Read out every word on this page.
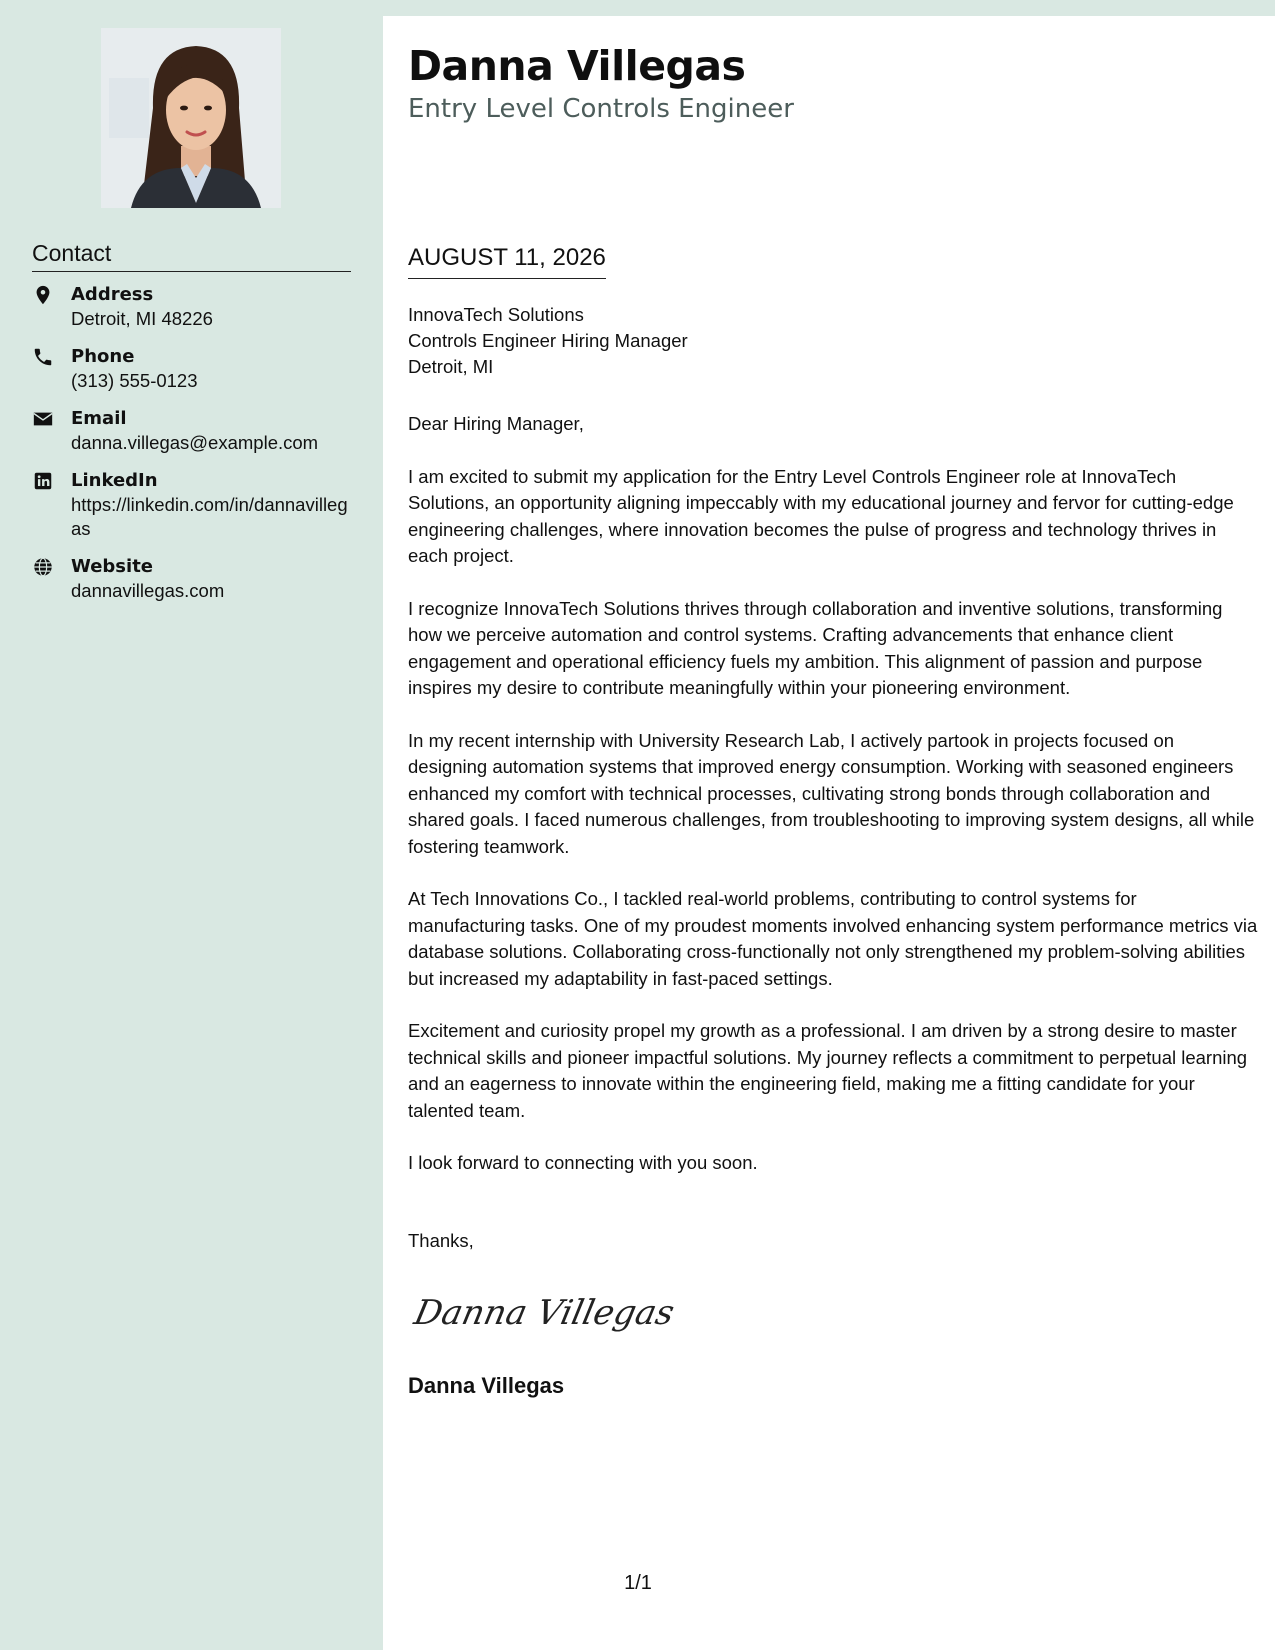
Contact
Address
Detroit, MI 48226
Phone
(313) 555-0123
Email
danna.villegas@example.com
LinkedIn
https://linkedin.com/in/dannavillegas
Website
dannavillegas.com
Danna Villegas
Entry Level Controls Engineer
AUGUST 11, 2026
InnovaTech Solutions
Controls Engineer Hiring Manager
Detroit, MI

Dear Hiring Manager,

I am excited to submit my application for the Entry Level Controls Engineer role at InnovaTech Solutions, an opportunity aligning impeccably with my educational journey and fervor for cutting-edge engineering challenges, where innovation becomes the pulse of progress and technology thrives in each project.

I recognize InnovaTech Solutions thrives through collaboration and inventive solutions, transforming how we perceive automation and control systems. Crafting advancements that enhance client engagement and operational efficiency fuels my ambition. This alignment of passion and purpose inspires my desire to contribute meaningfully within your pioneering environment.

In my recent internship with University Research Lab, I actively partook in projects focused on designing automation systems that improved energy consumption. Working with seasoned engineers enhanced my comfort with technical processes, cultivating strong bonds through collaboration and shared goals. I faced numerous challenges, from troubleshooting to improving system designs, all while fostering teamwork.

At Tech Innovations Co., I tackled real-world problems, contributing to control systems for manufacturing tasks. One of my proudest moments involved enhancing system performance metrics via database solutions. Collaborating cross-functionally not only strengthened my problem-solving abilities but increased my adaptability in fast-paced settings.

Excitement and curiosity propel my growth as a professional. I am driven by a strong desire to master technical skills and pioneer impactful solutions. My journey reflects a commitment to perpetual learning and an eagerness to innovate within the engineering field, making me a fitting candidate for your talented team.

I look forward to connecting with you soon.

Thanks,
Danna Villegas
Danna Villegas
1/1
